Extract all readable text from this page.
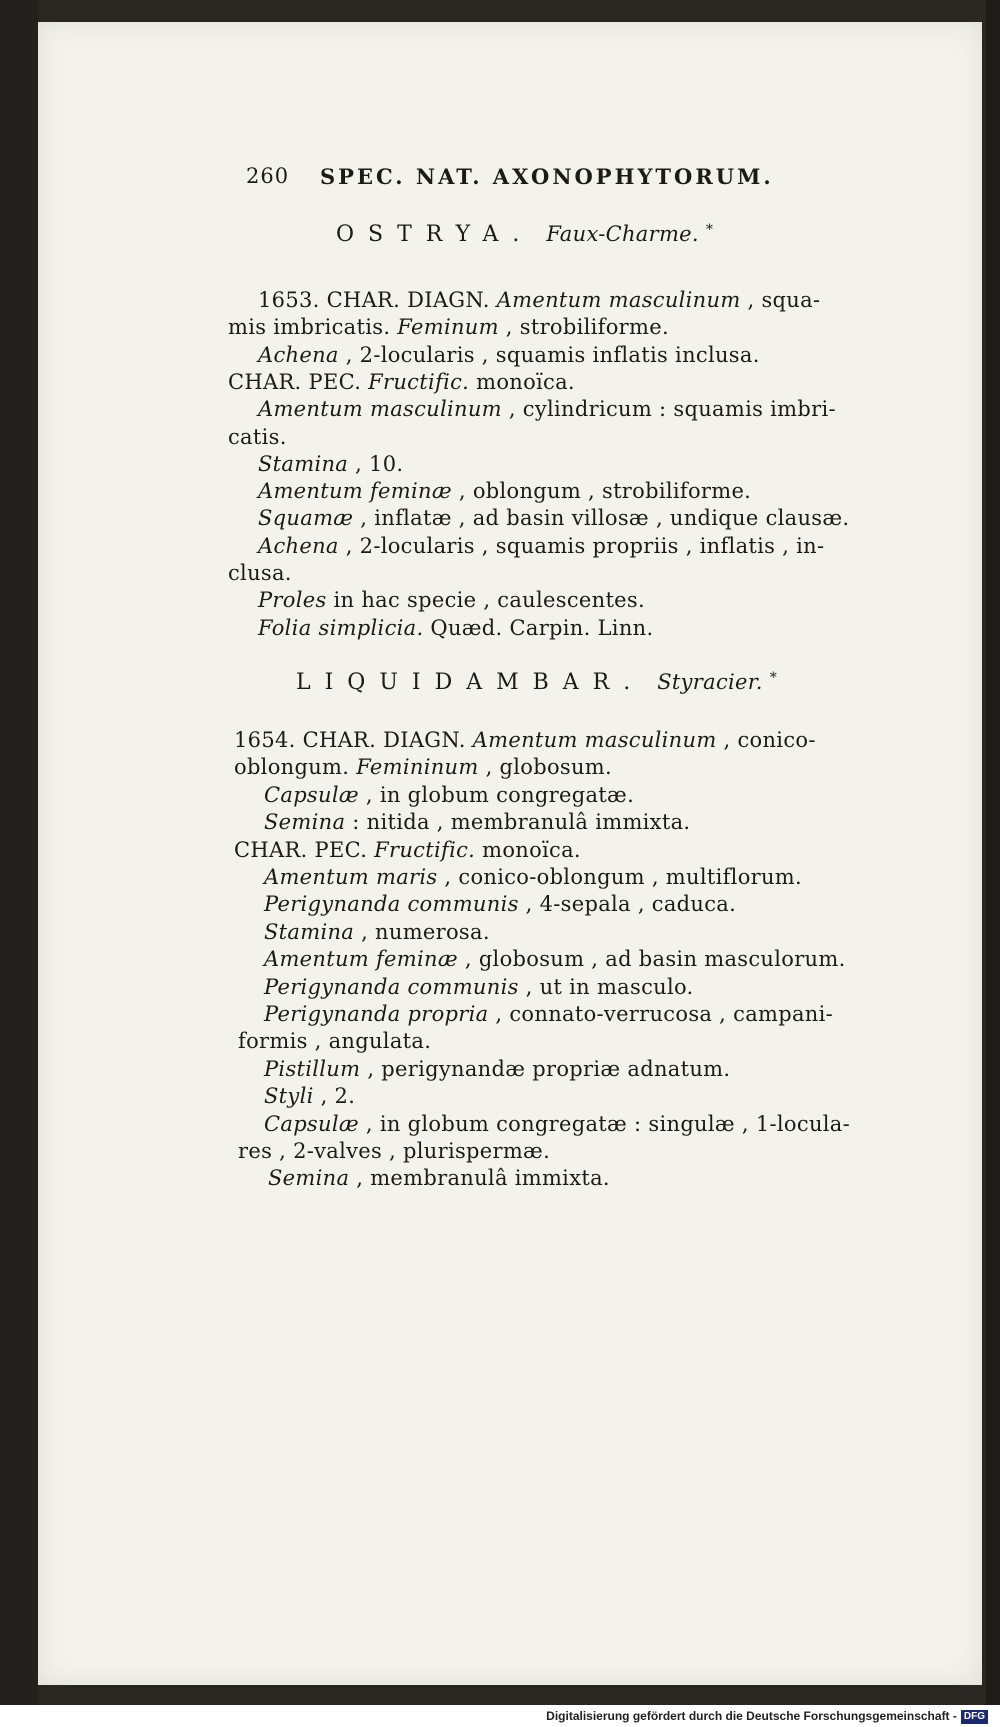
260 SPEC. NAT. AXONOPHYTORUM.
OSTRYA. Faux-Charme. *
1653. CHAR. DIAGN. Amentum masculinum , squa-
mis imbricatis. Feminum , strobiliforme.
Achena , 2-locularis , squamis inflatis inclusa.
CHAR. PEC. Fructific. monoïca.
Amentum masculinum , cylindricum : squamis imbri-
catis.
Stamina , 10.
Amentum feminæ , oblongum , strobiliforme.
Squamæ , inflatæ , ad basin villosæ , undique clausæ.
Achena , 2-locularis , squamis propriis , inflatis , in-
clusa.
Proles in hac specie , caulescentes.
Folia simplicia. Quæd. Carpin. Linn.
LIQUIDAMBAR. Styracier. *
1654. CHAR. DIAGN. Amentum masculinum , conico-
oblongum. Femininum , globosum.
Capsulæ , in globum congregatæ.
Semina : nitida , membranulâ immixta.
CHAR. PEC. Fructific. monoïca.
Amentum maris , conico-oblongum , multiflorum.
Perigynanda communis , 4-sepala , caduca.
Stamina , numerosa.
Amentum feminæ , globosum , ad basin masculorum.
Perigynanda communis , ut in masculo.
Perigynanda propria , connato-verrucosa , campani-
formis , angulata.
Pistillum , perigynandæ propriæ adnatum.
Styli , 2.
Capsulæ , in globum congregatæ : singulæ , 1-locula-
res , 2-valves , plurispermæ.
Semina , membranulâ immixta.
Digitalisierung gefördert durch die Deutsche Forschungsgemeinschaft - DFG
